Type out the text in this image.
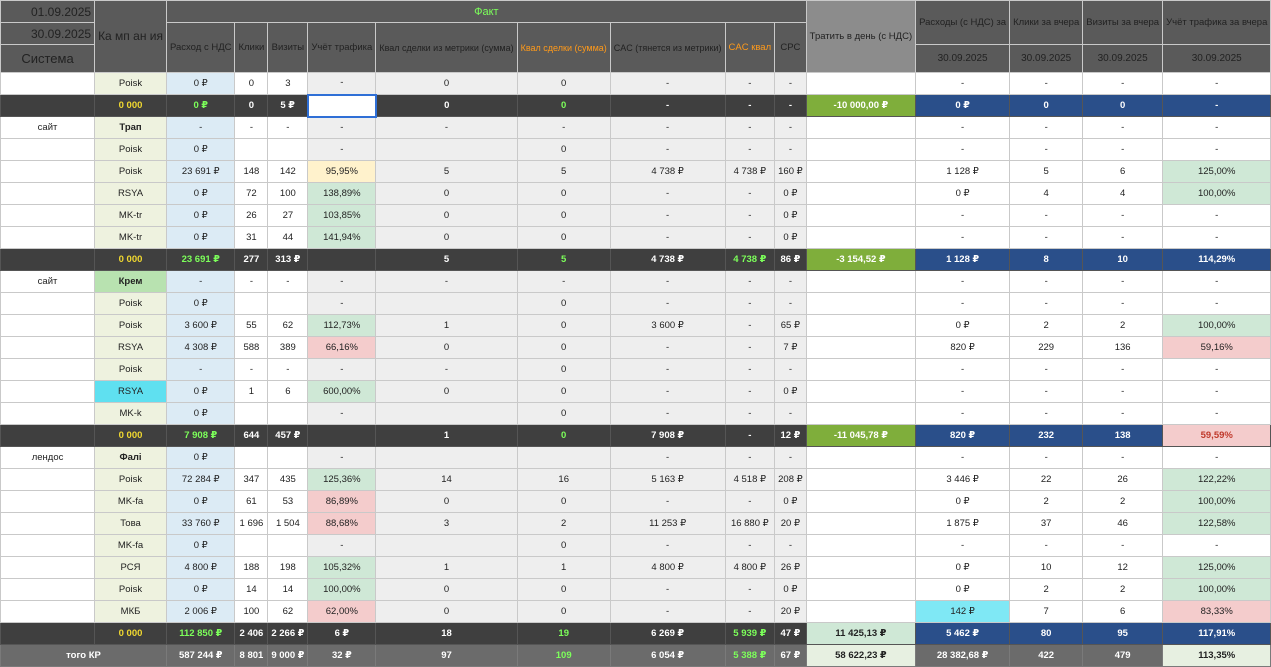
01.09.2025	Ка мп ан ия	Факт									Тратить в день (с НДС)	Расходы (с НДС) за	Клики за вчера	Визиты за вчера	Учёт трафика за вчера
30.09.2025		Расход с НДС	Клики	Визиты	Учёт трафика	Квал сделки из метрики (сумма)	Квал сделки (сумма)	CAC (тянется из метрики)	CAC квал	CPC					
Система												30.09.2025	30.09.2025	30.09.2025	30.09.2025
	Poisk	0 ₽	0	3	-	0	0	-	-	-		-	-	-	-
	0 000	0 ₽	0	5 ₽		0	0	-	-	-	-10 000,00 ₽	0 ₽	0	0	-
сайт	Трап	-	-	-	-	-	-	-	-	-		-	-	-	-
	Poisk	0 ₽			-		0	-	-	-		-	-	-	-
	Poisk	23 691 ₽	148	142	95,95%	5	5	4 738 ₽	4 738 ₽	160 ₽		1 128 ₽	5	6	125,00%
	RSYA	0 ₽	72	100	138,89%	0	0	-	-	0 ₽		0 ₽	4	4	100,00%
	MK-tr	0 ₽	26	27	103,85%	0	0	-	-	0 ₽		-	-	-	-
	MK-tr	0 ₽	31	44	141,94%	0	0	-	-	0 ₽		-	-	-	-
	0 000	23 691 ₽	277	313 ₽		5	5	4 738 ₽	4 738 ₽	86 ₽	-3 154,52 ₽	1 128 ₽	8	10	114,29%
сайт	Крем	-	-	-	-	-	-	-	-	-		-	-	-	-
	Poisk	0 ₽			-		0	-	-	-		-	-	-	-
	Poisk	3 600 ₽	55	62	112,73%	1	0	3 600 ₽	-	65 ₽		0 ₽	2	2	100,00%
	RSYA	4 308 ₽	588	389	66,16%	0	0	-	-	7 ₽		820 ₽	229	136	59,16%
	Poisk	-	-	-	-	-	0	-	-	-		-	-	-	-
	RSYA	0 ₽	1	6	600,00%	0	0	-	-	0 ₽		-	-	-	-
	MK-k	0 ₽			-		0	-	-	-		-	-	-	-
	0 000	7 908 ₽	644	457 ₽		1	0	7 908 ₽	-	12 ₽	-11 045,78 ₽	820 ₽	232	138	59,59%
лендос	Фалі	0 ₽			-			-	-	-		-	-	-	-
	Poisk	72 284 ₽	347	435	125,36%	14	16	5 163 ₽	4 518 ₽	208 ₽		3 446 ₽	22	26	122,22%
	MK-fa	0 ₽	61	53	86,89%	0	0	-	-	0 ₽		0 ₽	2	2	100,00%
	Това	33 760 ₽	1 696	1 504	88,68%	3	2	11 253 ₽	16 880 ₽	20 ₽		1 875 ₽	37	46	122,58%
	MK-fa	0 ₽			-		0	-	-	-		-	-	-	-
	РСЯ	4 800 ₽	188	198	105,32%	1	1	4 800 ₽	4 800 ₽	26 ₽		0 ₽	10	12	125,00%
	Poisk	0 ₽	14	14	100,00%	0	0	-	-	0 ₽		0 ₽	2	2	100,00%
	МКБ	2 006 ₽	100	62	62,00%	0	0	-	-	20 ₽		142 ₽	7	6	83,33%
	0 000	112 850 ₽	2 406	2 266 ₽	6 ₽	18	19	6 269 ₽	5 939 ₽	47 ₽	11 425,13 ₽	5 462 ₽	80	95	117,91%
того КР		587 244 ₽	8 801	9 000 ₽	32 ₽	97	109	6 054 ₽	5 388 ₽	67 ₽	58 622,23 ₽	28 382,68 ₽	422	479	113,35%
